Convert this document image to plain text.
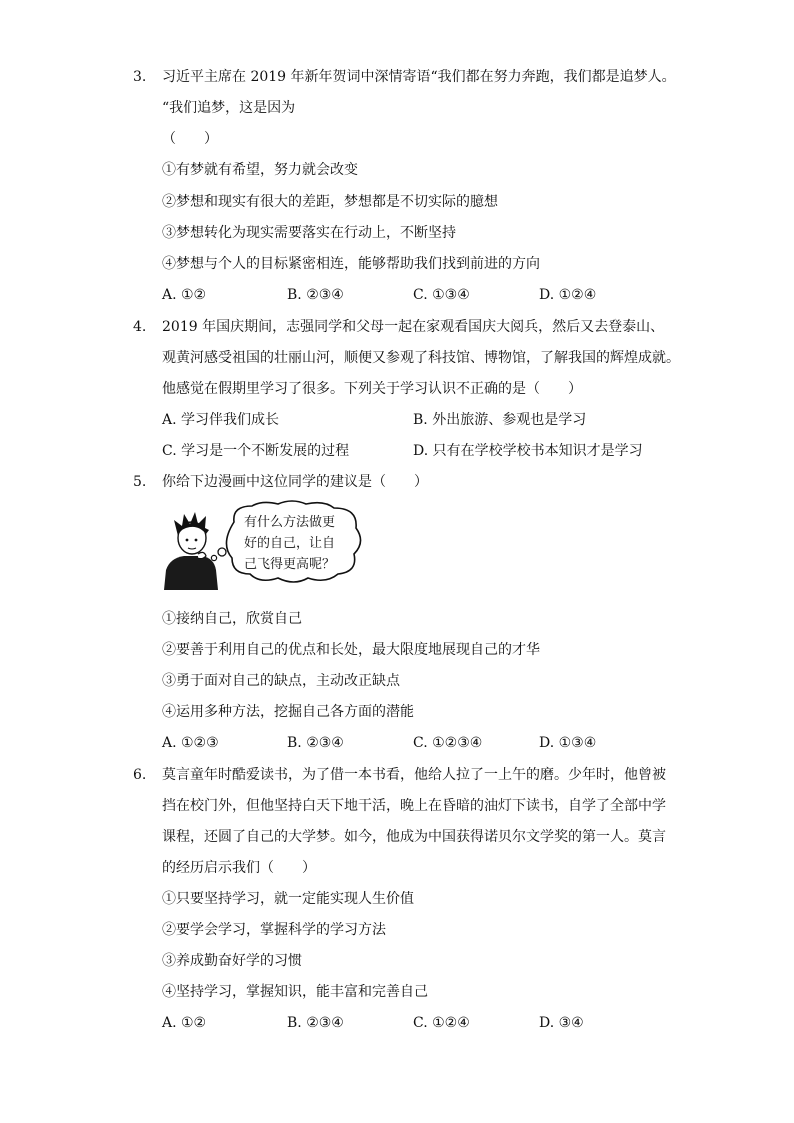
3. 习近平主席在 2019 年新年贺词中深情寄语“我们都在努力奔跑，我们都是追梦人。
“我们追梦，这是因为
（　　）
①有梦就有希望，努力就会改变
②梦想和现实有很大的差距，梦想都是不切实际的臆想
③梦想转化为现实需要落实在行动上，不断坚持
④梦想与个人的目标紧密相连，能够帮助我们找到前进的方向
A. ①②	B. ②③④	C. ①③④	D. ①②④
4. 2019 年国庆期间，志强同学和父母一起在家观看国庆大阅兵，然后又去登泰山、
观黄河感受祖国的壮丽山河，顺便又参观了科技馆、博物馆，了解我国的辉煌成就。
他感觉在假期里学习了很多。下列关于学习认识不正确的是（　　）
A. 学习伴我们成长	B. 外出旅游、参观也是学习
C. 学习是一个不断发展的过程	D. 只有在学校学校书本知识才是学习
5. 你给下边漫画中这位同学的建议是（　　）
有什么方法做更
好的自己，让自
己飞得更高呢？
①接纳自己，欣赏自己
②要善于利用自己的优点和长处，最大限度地展现自己的才华
③勇于面对自己的缺点，主动改正缺点
④运用多种方法，挖掘自己各方面的潜能
A. ①②③	B. ②③④	C. ①②③④	D. ①③④
6. 莫言童年时酷爱读书，为了借一本书看，他给人拉了一上午的磨。少年时，他曾被
挡在校门外，但他坚持白天下地干活，晚上在昏暗的油灯下读书，自学了全部中学
课程，还圆了自己的大学梦。如今，他成为中国获得诺贝尔文学奖的第一人。莫言
的经历启示我们（　　）
①只要坚持学习，就一定能实现人生价值
②要学会学习，掌握科学的学习方法
③养成勤奋好学的习惯
④坚持学习，掌握知识，能丰富和完善自己
A. ①②	B. ②③④	C. ①②④	D. ③④
